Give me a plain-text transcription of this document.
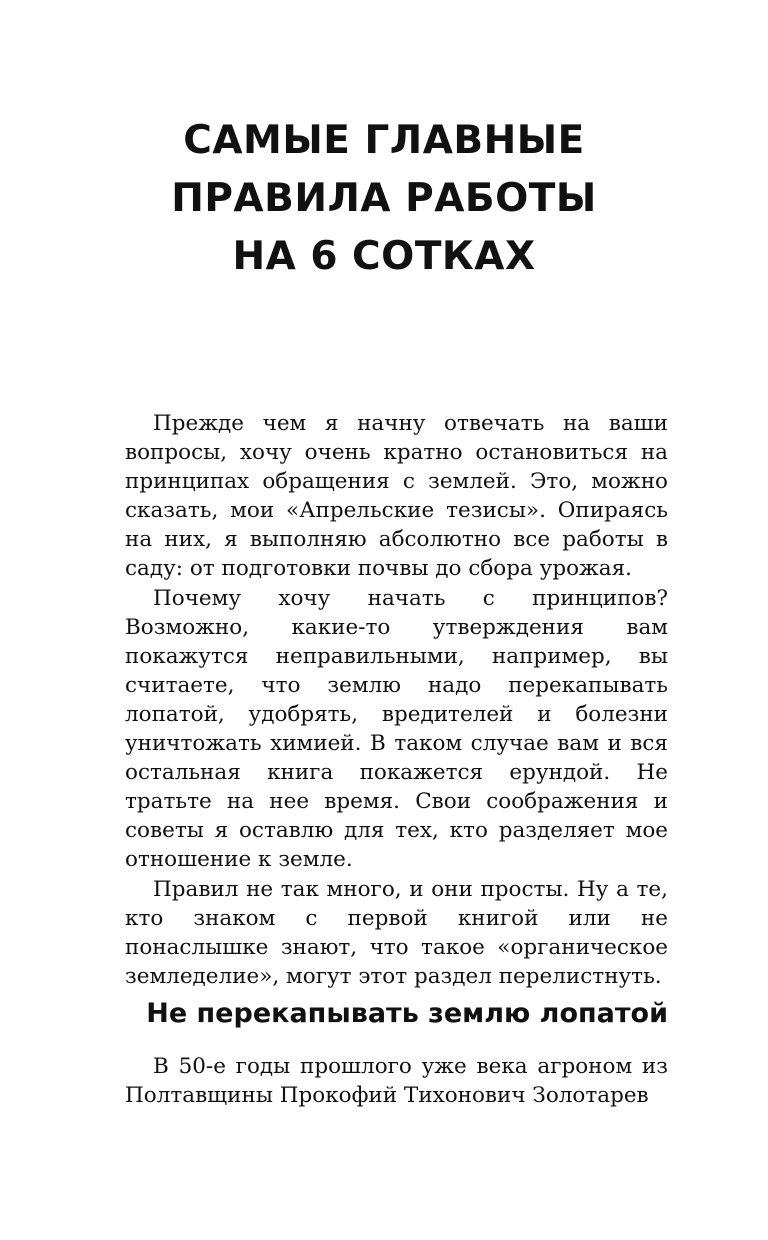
САМЫЕ ГЛАВНЫЕ
ПРАВИЛА РАБОТЫ
НА 6 СОТКАХ

Прежде чем я начну отвечать на ваши вопросы, хочу очень кратно остановиться на принципах обращения с землей. Это, можно сказать, мои «Апрельские тезисы». Опираясь на них, я выполняю абсолютно все работы в саду: от подготовки почвы до сбора урожая.

Почему хочу начать с принципов? Возможно, какие-то утверждения вам покажутся неправильными, например, вы считаете, что землю надо перекапывать лопатой, удобрять, вредителей и болезни уничтожать химией. В таком случае вам и вся остальная книга покажется ерундой. Не тратьте на нее время. Свои соображения и советы я оставлю для тех, кто разделяет мое отношение к земле.

Правил не так много, и они просты. Ну а те, кто знаком с первой книгой или не понаслышке знают, что такое «органическое земледелие», могут этот раздел перелистнуть.

Не перекапывать землю лопатой

В 50-е годы прошлого уже века агроном из Полтавщины Прокофий Тихонович Золотарев
